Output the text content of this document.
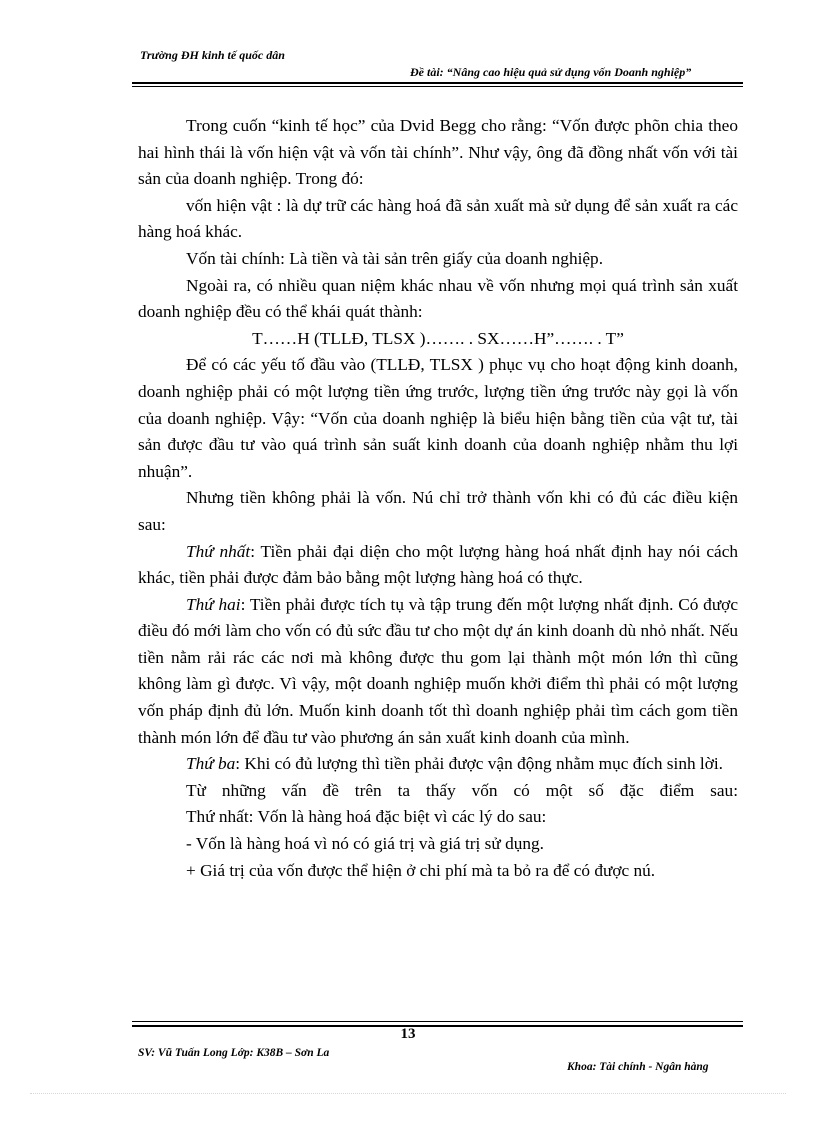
Trường ĐH kinh tế quốc dân
Đề tài: “Nâng cao hiệu quả sử dụng vốn Doanh nghiệp”

Trong cuốn “kinh tế học” của Dvid Begg cho rằng: “Vốn được phõn chia theo hai hình thái là vốn hiện vật và vốn tài chính”. Như vậy, ông đã đồng nhất vốn với tài sản của doanh nghiệp. Trong đó:

vốn hiện vật : là dự trữ các hàng hoá đã sản xuất mà sử dụng để sản xuất ra các hàng hoá khác.

Vốn tài chính: Là tiền và tài sản trên giấy của doanh nghiệp.

Ngoài ra, có nhiều quan niệm khác nhau về vốn nhưng mọi quá trình sản xuất doanh nghiệp đều có thể khái quát thành:

T……H (TLLĐ, TLSX )……. . SX……H”……. . T”

Để có các yếu tố đầu vào (TLLĐ, TLSX ) phục vụ cho hoạt động kinh doanh, doanh nghiệp phải có một lượng tiền ứng trước, lượng tiền ứng trước này gọi là vốn của doanh nghiệp. Vậy: “Vốn của doanh nghiệp là biểu hiện bằng tiền của vật tư, tài sản được đầu tư vào quá trình sản suất kinh doanh của doanh nghiệp nhằm thu lợi nhuận”.

Nhưng tiền không phải là vốn. Nú chỉ trở thành vốn khi có đủ các điều kiện sau:

Thứ nhất: Tiền phải đại diện cho một lượng hàng hoá nhất định hay nói cách khác, tiền phải được đảm bảo bằng một lượng hàng hoá có thực.

Thứ hai: Tiền phải được tích tụ và tập trung đến một lượng nhất định. Có được điều đó mới làm cho vốn có đủ sức đầu tư cho một dự án kinh doanh dù nhỏ nhất. Nếu tiền nằm rải rác các nơi mà không được thu gom lại thành một món lớn thì cũng không làm gì được. Vì vậy, một doanh nghiệp muốn khởi điểm thì phải có một lượng vốn pháp định đủ lớn. Muốn kinh doanh tốt thì doanh nghiệp phải tìm cách gom tiền thành món lớn để đầu tư vào phương án sản xuất kinh doanh của mình.

Thứ ba: Khi có đủ lượng thì tiền phải được vận động nhằm mục đích sinh lời.

Từ những vấn đề trên ta thấy vốn có một số đặc điểm sau:

Thứ nhất: Vốn là hàng hoá đặc biệt vì các lý do sau:

- Vốn là hàng hoá vì nó có giá trị và giá trị sử dụng.

+ Giá trị của vốn được thể hiện ở chi phí mà ta bỏ ra để có được nú.

13
SV: Vũ Tuấn Long Lớp: K38B – Sơn La
Khoa: Tài chính - Ngân hàng
